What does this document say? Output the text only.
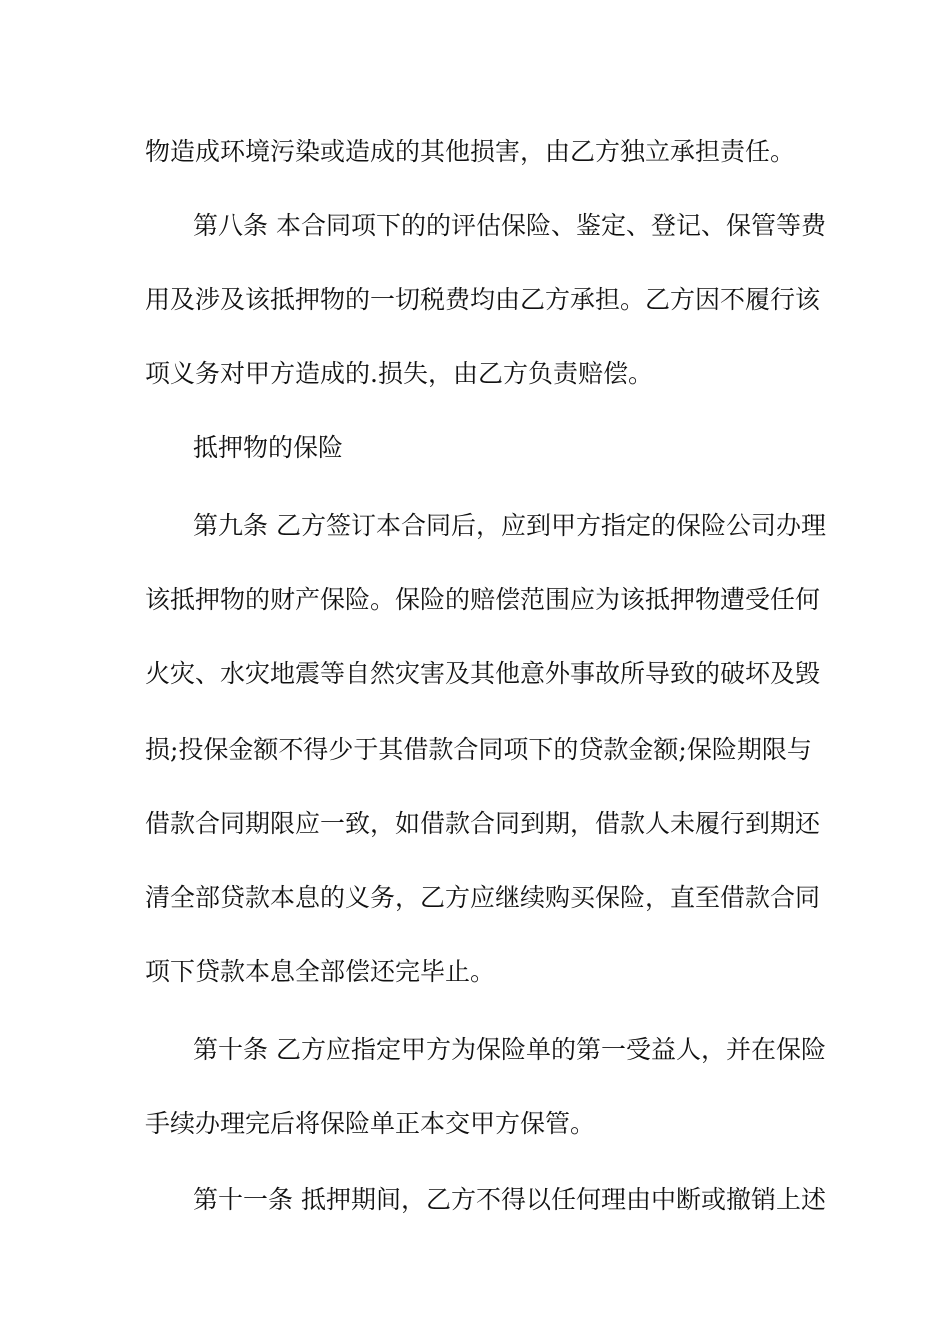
物造成环境污染或造成的其他损害，由乙方独立承担责任。

第八条 本合同项下的的评估保险、鉴定、登记、保管等费

用及涉及该抵押物的一切税费均由乙方承担。乙方因不履行该

项义务对甲方造成的.损失，由乙方负责赔偿。

抵押物的保险

第九条 乙方签订本合同后，应到甲方指定的保险公司办理

该抵押物的财产保险。保险的赔偿范围应为该抵押物遭受任何

火灾、水灾地震等自然灾害及其他意外事故所导致的破坏及毁

损;投保金额不得少于其借款合同项下的贷款金额;保险期限与

借款合同期限应一致，如借款合同到期，借款人未履行到期还

清全部贷款本息的义务，乙方应继续购买保险，直至借款合同

项下贷款本息全部偿还完毕止。

第十条 乙方应指定甲方为保险单的第一受益人，并在保险

手续办理完后将保险单正本交甲方保管。

第十一条 抵押期间，乙方不得以任何理由中断或撤销上述
